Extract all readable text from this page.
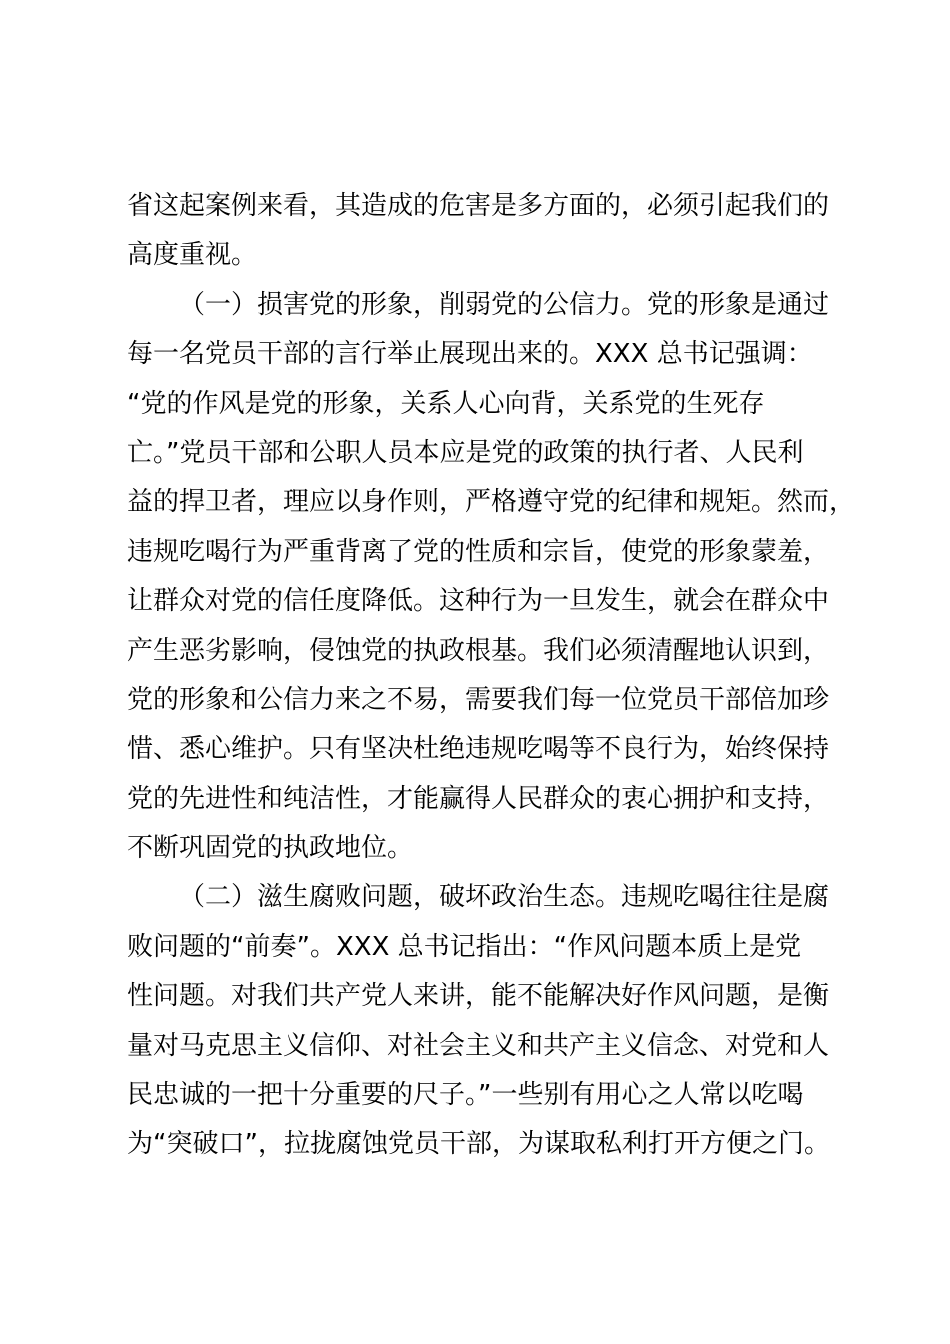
省这起案例来看，其造成的危害是多方面的，必须引起我们的
高度重视。
（一）损害党的形象，削弱党的公信力。党的形象是通过
每一名党员干部的言行举止展现出来的。XXX 总书记强调：
“党的作风是党的形象，关系人心向背，关系党的生死存
亡。”党员干部和公职人员本应是党的政策的执行者、人民利
益的捍卫者，理应以身作则，严格遵守党的纪律和规矩。然而，
违规吃喝行为严重背离了党的性质和宗旨，使党的形象蒙羞，
让群众对党的信任度降低。这种行为一旦发生，就会在群众中
产生恶劣影响，侵蚀党的执政根基。我们必须清醒地认识到，
党的形象和公信力来之不易，需要我们每一位党员干部倍加珍
惜、悉心维护。只有坚决杜绝违规吃喝等不良行为，始终保持
党的先进性和纯洁性，才能赢得人民群众的衷心拥护和支持，
不断巩固党的执政地位。
（二）滋生腐败问题，破坏政治生态。违规吃喝往往是腐
败问题的“前奏”。XXX 总书记指出：“作风问题本质上是党
性问题。对我们共产党人来讲，能不能解决好作风问题，是衡
量对马克思主义信仰、对社会主义和共产主义信念、对党和人
民忠诚的一把十分重要的尺子。”一些别有用心之人常以吃喝
为“突破口”，拉拢腐蚀党员干部，为谋取私利打开方便之门。
